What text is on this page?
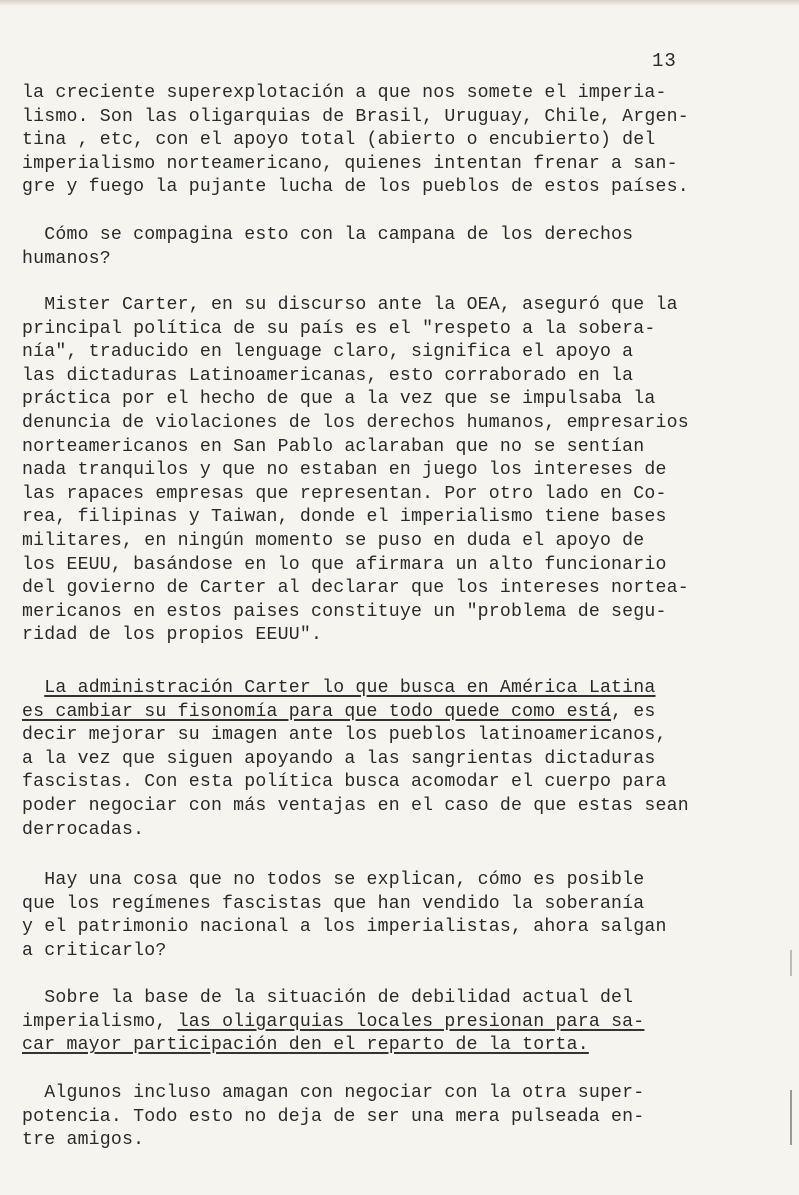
13
la creciente superexplotación a que nos somete el imperia-
lismo. Son las oligarquias de Brasil, Uruguay, Chile, Argen-
tina , etc, con el apoyo total (abierto o encubierto) del
imperialismo norteamericano, quienes intentan frenar a san-
gre y fuego la pujante lucha de los pueblos de estos países.
Cómo se compagina esto con la campana de los derechos
humanos?
Mister Carter, en su discurso ante la OEA, aseguró que la
principal política de su país es el "respeto a la sobera-
nía", traducido en lenguage claro, significa el apoyo a
las dictaduras Latinoamericanas, esto corraborado en la
práctica por el hecho de que a la vez que se impulsaba la
denuncia de violaciones de los derechos humanos, empresarios
norteamericanos en San Pablo aclaraban que no se sentían
nada tranquilos y que no estaban en juego los intereses de
las rapaces empresas que representan. Por otro lado en Co-
rea, filipinas y Taiwan, donde el imperialismo tiene bases
militares, en ningún momento se puso en duda el apoyo de
los EEUU, basándose en lo que afirmara un alto funcionario
del govierno de Carter al declarar que los intereses nortea-
mericanos en estos paises constituye un "problema de segu-
ridad de los propios EEUU".
La administración Carter lo que busca en América Latina
es cambiar su fisonomía para que todo quede como está, es
decir mejorar su imagen ante los pueblos latinoamericanos,
a la vez que siguen apoyando a las sangrientas dictaduras
fascistas. Con esta política busca acomodar el cuerpo para
poder negociar con más ventajas en el caso de que estas sean
derrocadas.
Hay una cosa que no todos se explican, cómo es posible
que los regímenes fascistas que han vendido la soberanía
y el patrimonio nacional a los imperialistas, ahora salgan
a criticarlo?
Sobre la base de la situación de debilidad actual del
imperialismo, las oligarquias locales presionan para sa-
car mayor participación den el reparto de la torta.
Algunos incluso amagan con negociar con la otra super-
potencia. Todo esto no deja de ser una mera pulseada en-
tre amigos.
